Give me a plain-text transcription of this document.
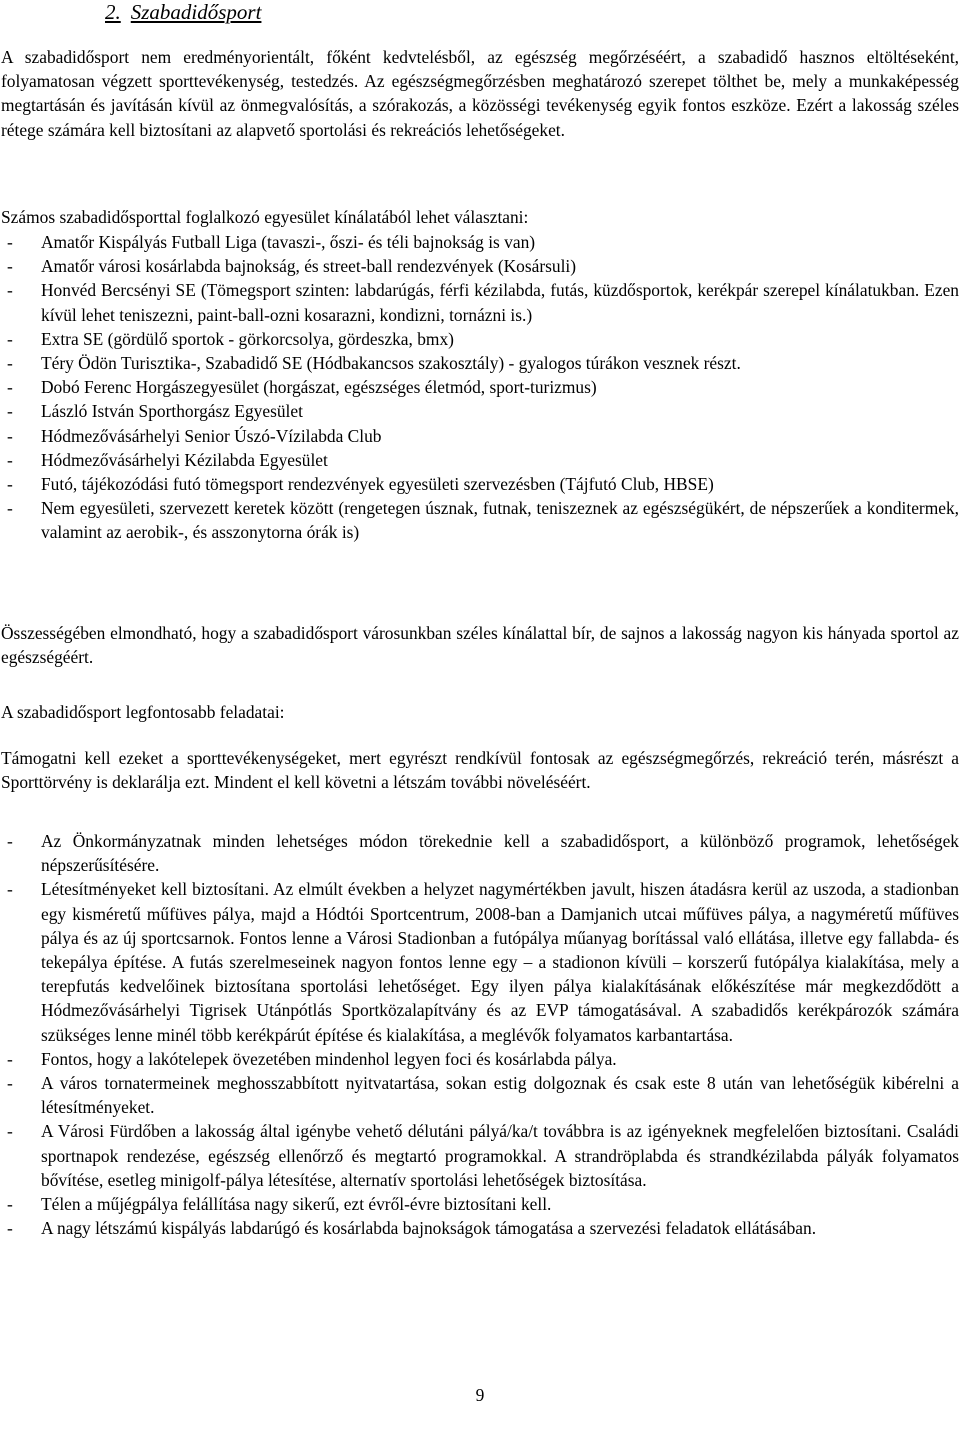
2. Szabadidősport

A szabadidősport nem eredményorientált, főként kedvtelésből, az egészség megőrzéséért, a szabadidő hasznos eltöltéseként, folyamatosan végzett sporttevékenység, testedzés. Az egészségmegőrzésben meghatározó szerepet tölthet be, mely a munkaképesség megtartásán és javításán kívül az önmegvalósítás, a szórakozás, a közösségi tevékenység egyik fontos eszköze. Ezért a lakosság széles rétege számára kell biztosítani az alapvető sportolási és rekreációs lehetőségeket.

Számos szabadidősporttal foglalkozó egyesület kínálatából lehet választani:

- Amatőr Kispályás Futball Liga (tavaszi-, őszi- és téli bajnokság is van)
- Amatőr városi kosárlabda bajnokság, és street-ball rendezvények (Kosársuli)
- Honvéd Bercsényi SE (Tömegsport szinten: labdarúgás, férfi kézilabda, futás, küzdősportok, kerékpár szerepel kínálatukban. Ezen kívül lehet teniszezni, paint-ball-ozni kosarazni, kondizni, tornázni is.)
- Extra SE (gördülő sportok - görkorcsolya, gördeszka, bmx)
- Téry Ödön Turisztika-, Szabadidő SE (Hódbakancsos szakosztály) - gyalogos túrákon vesznek részt.
- Dobó Ferenc Horgászegyesület (horgászat, egészséges életmód, sport-turizmus)
- László István Sporthorgász Egyesület
- Hódmezővásárhelyi Senior Úszó-Vízilabda Club
- Hódmezővásárhelyi Kézilabda Egyesület
- Futó, tájékozódási futó tömegsport rendezvények egyesületi szervezésben (Tájfutó Club, HBSE)
- Nem egyesületi, szervezett keretek között (rengetegen úsznak, futnak, teniszeznek az egészségükért, de népszerűek a konditermek, valamint az aerobik-, és asszonytorna órák is)

Összességében elmondható, hogy a szabadidősport városunkban széles kínálattal bír, de sajnos a lakosság nagyon kis hányada sportol az egészségéért.

A szabadidősport legfontosabb feladatai:

Támogatni kell ezeket a sporttevékenységeket, mert egyrészt rendkívül fontosak az egészségmegőrzés, rekreáció terén, másrészt a Sporttörvény is deklarálja ezt. Mindent el kell követni a létszám további növeléséért.

- Az Önkormányzatnak minden lehetséges módon törekednie kell a szabadidősport, a különböző programok, lehetőségek népszerűsítésére.
- Létesítményeket kell biztosítani. Az elmúlt években a helyzet nagymértékben javult, hiszen átadásra kerül az uszoda, a stadionban egy kisméretű műfüves pálya, majd a Hódtói Sportcentrum, 2008-ban a Damjanich utcai műfüves pálya, a nagyméretű műfüves pálya és az új sportcsarnok. Fontos lenne a Városi Stadionban a futópálya műanyag borítással való ellátása, illetve egy fallabda- és tekepálya építése. A futás szerelmeseinek nagyon fontos lenne egy – a stadionon kívüli – korszerű futópálya kialakítása, mely a terepfutás kedvelőinek biztosítana sportolási lehetőséget. Egy ilyen pálya kialakításának előkészítése már megkezdődött a Hódmezővásárhelyi Tigrisek Utánpótlás Sportközalapítvány és az EVP támogatásával. A szabadidős kerékpározók számára szükséges lenne minél több kerékpárút építése és kialakítása, a meglévők folyamatos karbantartása.
- Fontos, hogy a lakótelepek övezetében mindenhol legyen foci és kosárlabda pálya.
- A város tornatermeinek meghosszabbított nyitvatartása, sokan estig dolgoznak és csak este 8 után van lehetőségük kibérelni a létesítményeket.
- A Városi Fürdőben a lakosság által igénybe vehető délutáni pályá/ka/t továbbra is az igényeknek megfelelően biztosítani. Családi sportnapok rendezése, egészség ellenőrző és megtartó programokkal. A strandröplabda és strandkézilabda pályák folyamatos bővítése, esetleg minigolf-pálya létesítése, alternatív sportolási lehetőségek biztosítása.
- Télen a műjégpálya felállítása nagy sikerű, ezt évről-évre biztosítani kell.
- A nagy létszámú kispályás labdarúgó és kosárlabda bajnokságok támogatása a szervezési feladatok ellátásában.
9
